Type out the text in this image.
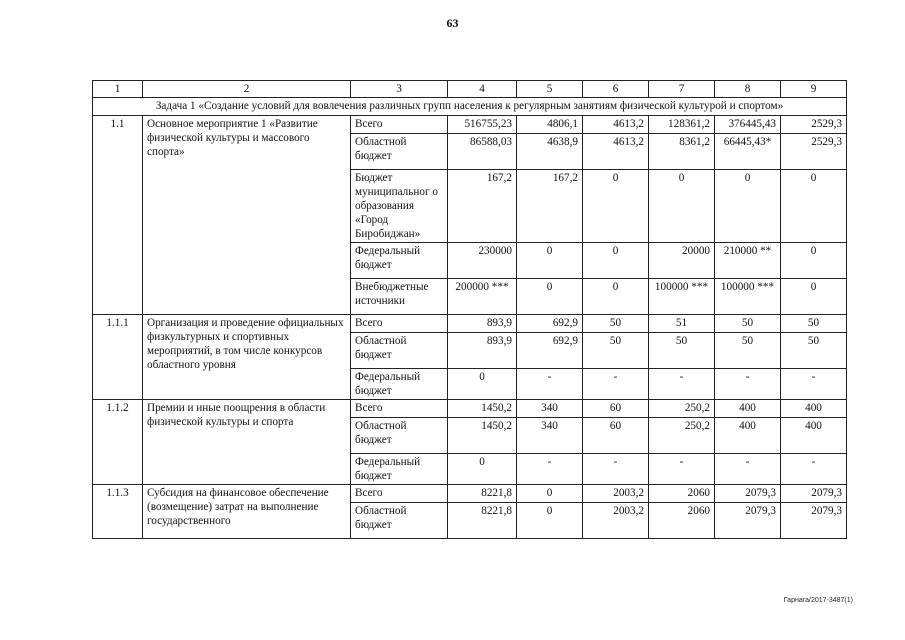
63
1	2	3	4	5	6	7	8	9
Задача 1 «Создание условий для вовлечения различных групп населения к регулярным занятиям физической культурой и спортом»								
1.1	Основное мероприятие 1 «Развитие физической культуры и массового спорта»	Всего	516755,23	4806,1	4613,2	128361,2	376445,43	2529,3
		Областной бюджет	86588,03	4638,9	4613,2	8361,2	66445,43*	2529,3
		Бюджет муниципальног о образования «Город Биробиджан»	167,2	167,2	0	0	0	0
		Федеральный бюджет	230000	0	0	20000	210000 **	0
		Внебюджетные источники	200000 ***	0	0	100000 ***	100000 ***	0
1.1.1	Организация и проведение официальных физкультурных и спортивных мероприятий, в том числе конкурсов областного уровня	Всего	893,9	692,9	50	51	50	50
		Областной бюджет	893,9	692,9	50	50	50	50
		Федеральный бюджет	0	-	-	-	-	-
1.1.2	Премии и иные поощрения в области физической культуры и спорта	Всего	1450,2	340	60	250,2	400	400
		Областной бюджет	1450,2	340	60	250,2	400	400
		Федеральный бюджет	0	-	-	-	-	-
1.1.3	Субсидия на финансовое обеспечение (возмещение) затрат на выполнение государственного	Всего	8221,8	0	2003,2	2060	2079,3	2079,3
		Областной бюджет	8221,8	0	2003,2	2060	2079,3	2079,3
Гарнага/2017-3487(1)
